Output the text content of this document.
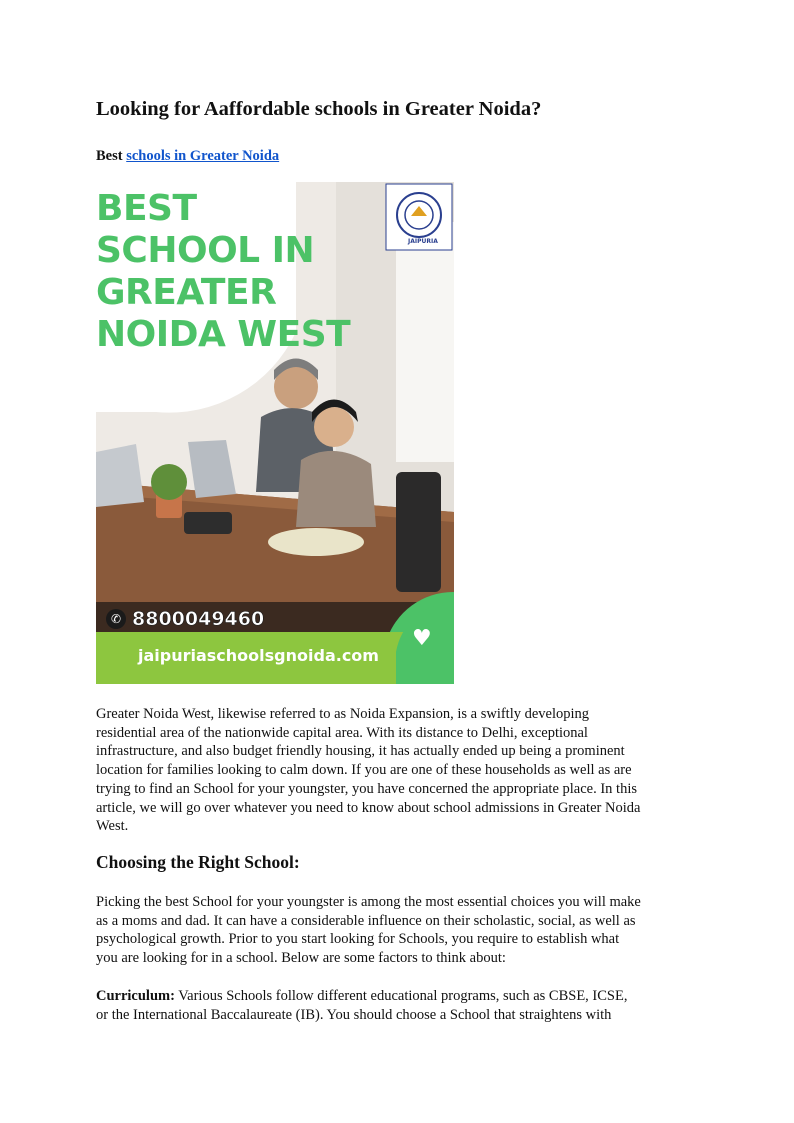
Looking for Aaffordable schools in Greater Noida?

Best schools in Greater Noida

BEST
SCHOOL IN
GREATER
NOIDA WEST
JAIPURIA
✆ 8800049460
jaipuriaschoolsgnoida.com
♥

Greater Noida West, likewise referred to as Noida Expansion, is a swiftly developing
residential area of the nationwide capital area. With its distance to Delhi, exceptional
infrastructure, and also budget friendly housing, it has actually ended up being a prominent
location for families looking to calm down. If you are one of these households as well as are
trying to find an School for your youngster, you have concerned the appropriate place. In this
article, we will go over whatever you need to know about school admissions in Greater Noida
West.

Choosing the Right School:

Picking the best School for your youngster is among the most essential choices you will make
as a moms and dad. It can have a considerable influence on their scholastic, social, as well as
psychological growth. Prior to you start looking for Schools, you require to establish what
you are looking for in a school. Below are some factors to think about:

Curriculum: Various Schools follow different educational programs, such as CBSE, ICSE,
or the International Baccalaureate (IB). You should choose a School that straightens with
